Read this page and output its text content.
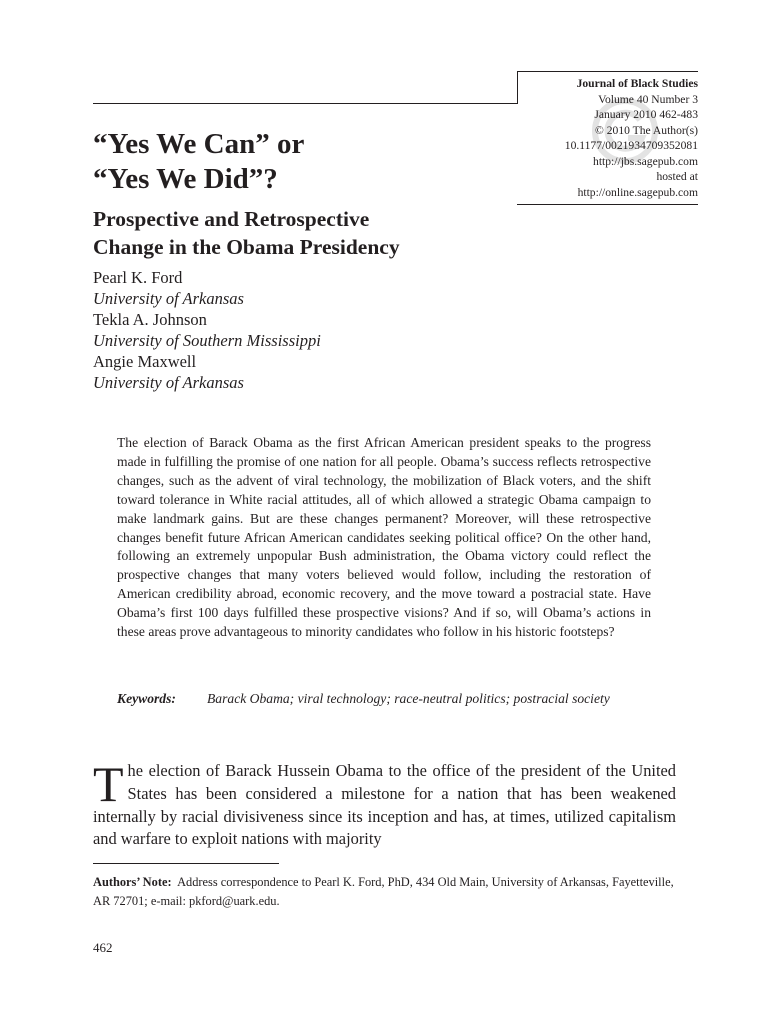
Journal of Black Studies
Volume 40 Number 3
January 2010 462-483
© 2010 The Author(s)
10.1177/0021934709352081
http://jbs.sagepub.com
hosted at
http://online.sagepub.com
“Yes We Can” or
“Yes We Did”?
Prospective and Retrospective
Change in the Obama Presidency
Pearl K. Ford
University of Arkansas
Tekla A. Johnson
University of Southern Mississippi
Angie Maxwell
University of Arkansas
The election of Barack Obama as the first African American president speaks to the progress made in fulfilling the promise of one nation for all people. Obama’s success reflects retrospective changes, such as the advent of viral technology, the mobilization of Black voters, and the shift toward tolerance in White racial attitudes, all of which allowed a strategic Obama campaign to make landmark gains. But are these changes permanent? Moreover, will these retrospective changes benefit future African American candidates seeking political office? On the other hand, following an extremely unpopular Bush administration, the Obama victory could reflect the prospective changes that many voters believed would follow, including the restoration of American credibility abroad, economic recovery, and the move toward a postracial state. Have Obama’s first 100 days fulfilled these prospective visions? And if so, will Obama’s actions in these areas prove advantageous to minority candidates who follow in his historic footsteps?
Keywords:	Barack Obama; viral technology; race-neutral politics; postracial society
The election of Barack Hussein Obama to the office of the president of the United States has been considered a milestone for a nation that has been weakened internally by racial divisiveness since its inception and has, at times, utilized capitalism and warfare to exploit nations with majority
Authors’ Note: Address correspondence to Pearl K. Ford, PhD, 434 Old Main, University of Arkansas, Fayetteville, AR 72701; e-mail: pkford@uark.edu.
462
